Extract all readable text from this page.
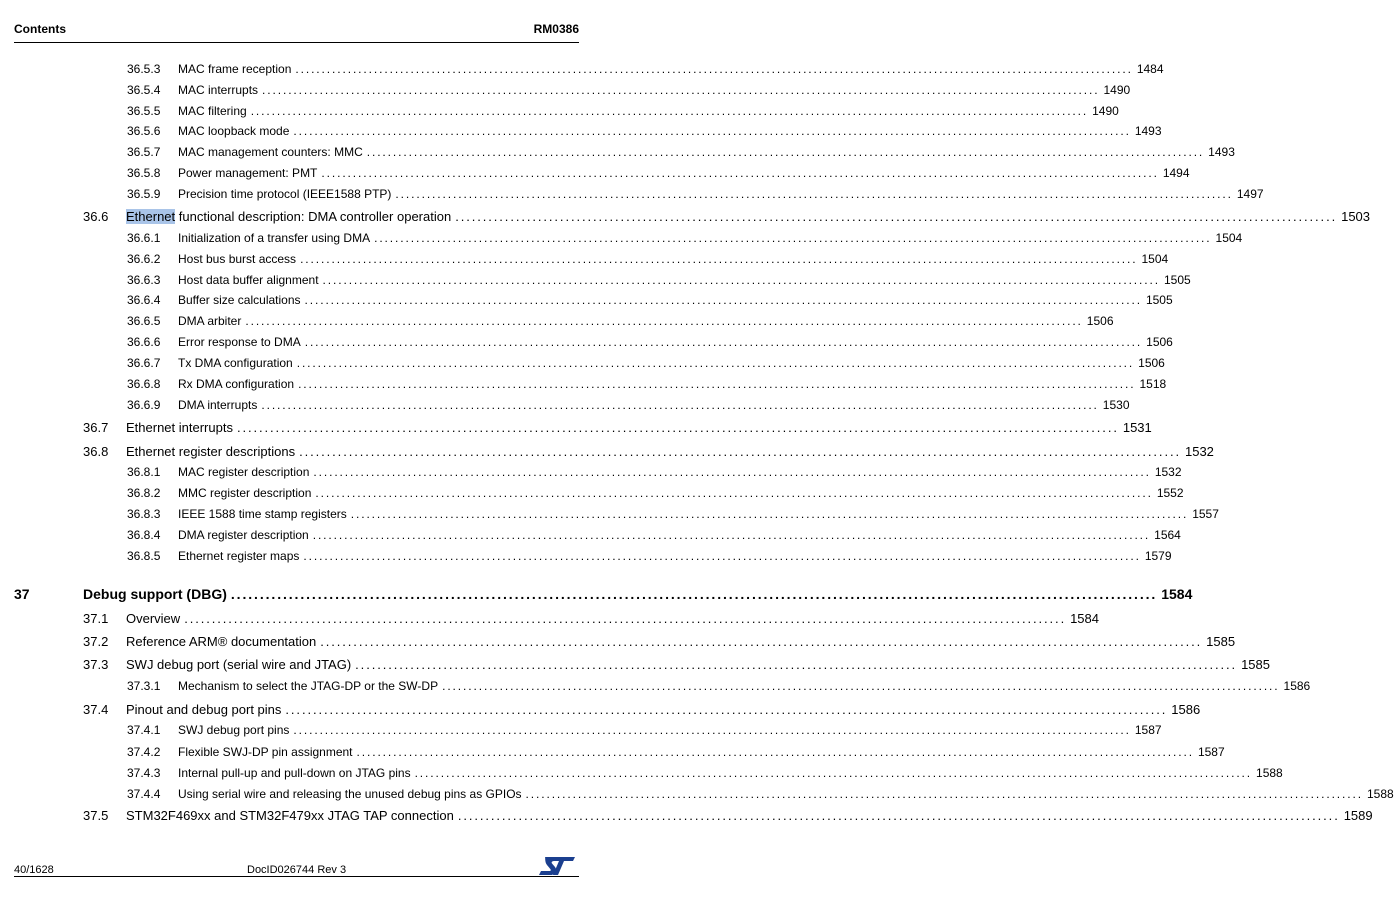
Contents	RM0386
36.5.3 MAC frame reception ................................................................................................................................................................ 1484
36.5.4 MAC interrupts ................................................................................................................................................................ 1490
36.5.5 MAC filtering ................................................................................................................................................................ 1490
36.5.6 MAC loopback mode ................................................................................................................................................................ 1493
36.5.7 MAC management counters: MMC ................................................................................................................................................................ 1493
36.5.8 Power management: PMT ................................................................................................................................................................ 1494
36.5.9 Precision time protocol (IEEE1588 PTP) ................................................................................................................................................................ 1497
36.6 Ethernet functional description: DMA controller operation ................................................................................................................................................................ 1503
36.6.1 Initialization of a transfer using DMA ................................................................................................................................................................ 1504
36.6.2 Host bus burst access ................................................................................................................................................................ 1504
36.6.3 Host data buffer alignment ................................................................................................................................................................ 1505
36.6.4 Buffer size calculations ................................................................................................................................................................ 1505
36.6.5 DMA arbiter ................................................................................................................................................................ 1506
36.6.6 Error response to DMA ................................................................................................................................................................ 1506
36.6.7 Tx DMA configuration ................................................................................................................................................................ 1506
36.6.8 Rx DMA configuration ................................................................................................................................................................ 1518
36.6.9 DMA interrupts ................................................................................................................................................................ 1530
36.7 Ethernet interrupts ................................................................................................................................................................ 1531
36.8 Ethernet register descriptions ................................................................................................................................................................ 1532
36.8.1 MAC register description ................................................................................................................................................................ 1532
36.8.2 MMC register description ................................................................................................................................................................ 1552
36.8.3 IEEE 1588 time stamp registers ................................................................................................................................................................ 1557
36.8.4 DMA register description ................................................................................................................................................................ 1564
36.8.5 Ethernet register maps ................................................................................................................................................................ 1579
37	Debug support (DBG) ................................................................................................................................................................ 1584
37.1 Overview ................................................................................................................................................................ 1584
37.2 Reference ARM® documentation ................................................................................................................................................................ 1585
37.3 SWJ debug port (serial wire and JTAG) ................................................................................................................................................................ 1585
37.3.1 Mechanism to select the JTAG-DP or the SW-DP ................................................................................................................................................................ 1586
37.4 Pinout and debug port pins ................................................................................................................................................................ 1586
37.4.1 SWJ debug port pins ................................................................................................................................................................ 1587
37.4.2 Flexible SWJ-DP pin assignment ................................................................................................................................................................ 1587
37.4.3 Internal pull-up and pull-down on JTAG pins ................................................................................................................................................................ 1588
37.4.4 Using serial wire and releasing the unused debug pins as GPIOs ................................................................................................................................................................ 1588
37.5 STM32F469xx and STM32F479xx JTAG TAP connection ................................................................................................................................................................ 1589
40/1628	DocID026744 Rev 3
